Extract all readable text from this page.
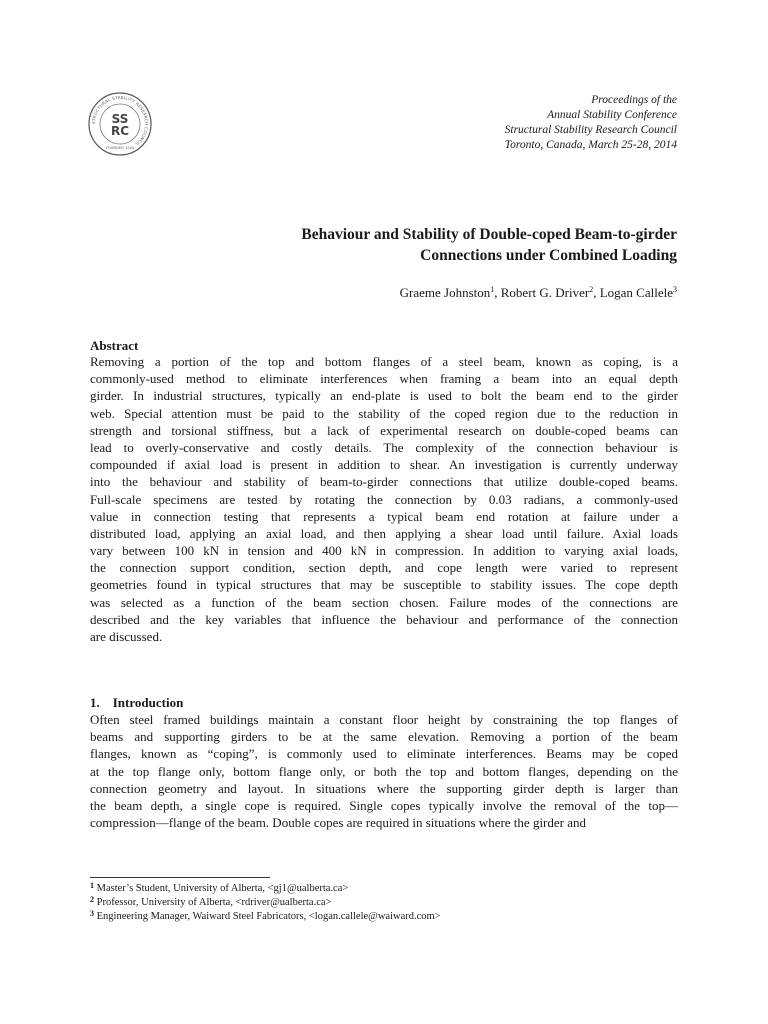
STRUCTURAL STABILITY RESEARCH COUNCIL
FOUNDED 1944
SS
RC
Proceedings of the
Annual Stability Conference
Structural Stability Research Council
Toronto, Canada, March 25-28, 2014
Behaviour and Stability of Double-coped Beam-to-girder
Connections under Combined Loading
Graeme Johnston$^1$, Robert G. Driver$^2$, Logan Callele$^3$
Abstract
Removing a portion of the top and bottom flanges of a steel beam, known as coping, is a
commonly-used method to eliminate interferences when framing a beam into an equal depth
girder. In industrial structures, typically an end-plate is used to bolt the beam end to the girder
web. Special attention must be paid to the stability of the coped region due to the reduction in
strength and torsional stiffness, but a lack of experimental research on double-coped beams can
lead to overly-conservative and costly details. The complexity of the connection behaviour is
compounded if axial load is present in addition to shear. An investigation is currently underway
into the behaviour and stability of beam-to-girder connections that utilize double-coped beams.
Full-scale specimens are tested by rotating the connection by 0.03 radians, a commonly-used
value in connection testing that represents a typical beam end rotation at failure under a
distributed load, applying an axial load, and then applying a shear load until failure. Axial loads
vary between 100 kN in tension and 400 kN in compression. In addition to varying axial loads,
the connection support condition, section depth, and cope length were varied to represent
geometries found in typical structures that may be susceptible to stability issues. The cope depth
was selected as a function of the beam section chosen. Failure modes of the connections are
described and the key variables that influence the behaviour and performance of the connection
are discussed.
1. Introduction
Often steel framed buildings maintain a constant floor height by constraining the top flanges of
beams and supporting girders to be at the same elevation. Removing a portion of the beam
flanges, known as “coping”, is commonly used to eliminate interferences. Beams may be coped
at the top flange only, bottom flange only, or both the top and bottom flanges, depending on the
connection geometry and layout. In situations where the supporting girder depth is larger than
the beam depth, a single cope is required. Single copes typically involve the removal of the top—
compression—flange of the beam. Double copes are required in situations where the girder and
$^1$ Master’s Student, University of Alberta, <gj1@ualberta.ca>
$^2$ Professor, University of Alberta, <rdriver@ualberta.ca>
$^3$ Engineering Manager, Waiward Steel Fabricators, <logan.callele@waiward.com>
